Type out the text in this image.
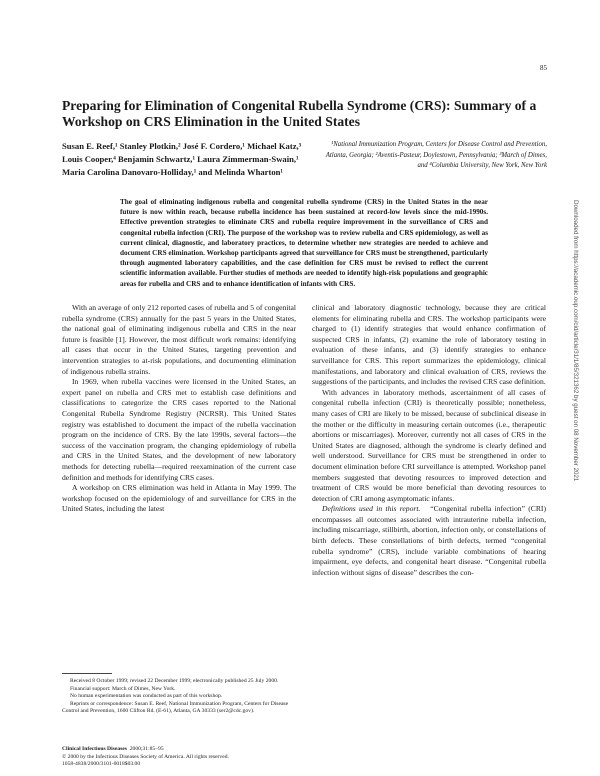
85
Preparing for Elimination of Congenital Rubella Syndrome (CRS): Summary of a Workshop on CRS Elimination in the United States

Susan E. Reef,¹ Stanley Plotkin,² José F. Cordero,¹ Michael Katz,³ Louis Cooper,⁴ Benjamin Schwartz,¹ Laura Zimmerman-Swain,¹ Maria Carolina Danovaro-Holliday,¹ and Melinda Wharton¹

¹National Immunization Program, Centers for Disease Control and Prevention, Atlanta, Georgia; ²Aventis-Pasteur, Doylestown, Pennsylvania; ³March of Dimes, and ⁴Columbia University, New York, New York

The goal of eliminating indigenous rubella and congenital rubella syndrome (CRS) in the United States in the near future is now within reach, because rubella incidence has been sustained at record-low levels since the mid-1990s. Effective prevention strategies to eliminate CRS and rubella require improvement in the surveillance of CRS and congenital rubella infection (CRI). The purpose of the workshop was to review rubella and CRS epidemiology, as well as current clinical, diagnostic, and laboratory practices, to determine whether new strategies are needed to achieve and document CRS elimination. Workshop participants agreed that surveillance for CRS must be strengthened, particularly through augmented laboratory capabilities, and the case definition for CRS must be revised to reflect the current scientific information available. Further studies of methods are needed to identify high-risk populations and geographic areas for rubella and CRS and to enhance identification of infants with CRS.

With an average of only 212 reported cases of rubella and 5 of congenital rubella syndrome (CRS) annually for the past 5 years in the United States, the national goal of eliminating indigenous rubella and CRS in the near future is feasible [1]. However, the most difficult work remains: identifying all cases that occur in the United States, targeting prevention and intervention strategies to at-risk populations, and documenting elimination of indigenous rubella strains.

In 1969, when rubella vaccines were licensed in the United States, an expert panel on rubella and CRS met to establish case definitions and classifications to categorize the CRS cases reported to the National Congenital Rubella Syndrome Registry (NCRSR). This United States registry was established to document the impact of the rubella vaccination program on the incidence of CRS. By the late 1990s, several factors—the success of the vaccination program, the changing epidemiology of rubella and CRS in the United States, and the development of new laboratory methods for detecting rubella—required reexamination of the current case definition and methods for identifying CRS cases.

A workshop on CRS elimination was held in Atlanta in May 1999. The workshop focused on the epidemiology of and surveillance for CRS in the United States, including the latest

Received 8 October 1999; revised 22 December 1999; electronically published 25 July 2000.
Financial support: March of Dimes, New York.
No human experimentation was conducted as part of this workshop.
Reprints or correspondence: Susan E. Reef, National Immunization Program, Centers for Disease Control and Prevention, 1600 Clifton Rd. (E-61), Atlanta, GA 30333 (ser2@cdc.gov).
Clinical Infectious Diseases 2000;31:85–95
© 2000 by the Infectious Diseases Society of America. All rights reserved.
1058-4838/2000/3101-0018$03.00

clinical and laboratory diagnostic technology, because they are critical elements for eliminating rubella and CRS. The workshop participants were charged to (1) identify strategies that would enhance confirmation of suspected CRS in infants, (2) examine the role of laboratory testing in evaluation of these infants, and (3) identify strategies to enhance surveillance for CRS. This report summarizes the epidemiology, clinical manifestations, and laboratory and clinical evaluation of CRS, reviews the suggestions of the participants, and includes the revised CRS case definition.

With advances in laboratory methods, ascertainment of all cases of congenital rubella infection (CRI) is theoretically possible; nonetheless, many cases of CRI are likely to be missed, because of subclinical disease in the mother or the difficulty in measuring certain outcomes (i.e., therapeutic abortions or miscarriages). Moreover, currently not all cases of CRS in the United States are diagnosed, although the syndrome is clearly defined and well understood. Surveillance for CRS must be strengthened in order to document elimination before CRI surveillance is attempted. Workshop panel members suggested that devoting resources to improved detection and treatment of CRS would be more beneficial than devoting resources to detection of CRI among asymptomatic infants.

Definitions used in this report. “Congenital rubella infection” (CRI) encompasses all outcomes associated with intrauterine rubella infection, including miscarriage, stillbirth, abortion, infection only, or constellations of birth defects. These constellations of birth defects, termed “congenital rubella syndrome” (CRS), include variable combinations of hearing impairment, eye defects, and congenital heart disease. “Congenital rubella infection without signs of disease” describes the con-

Downloaded from https://academic.oup.com/cid/article/31/1/85/321362 by guest on 08 November 2021
